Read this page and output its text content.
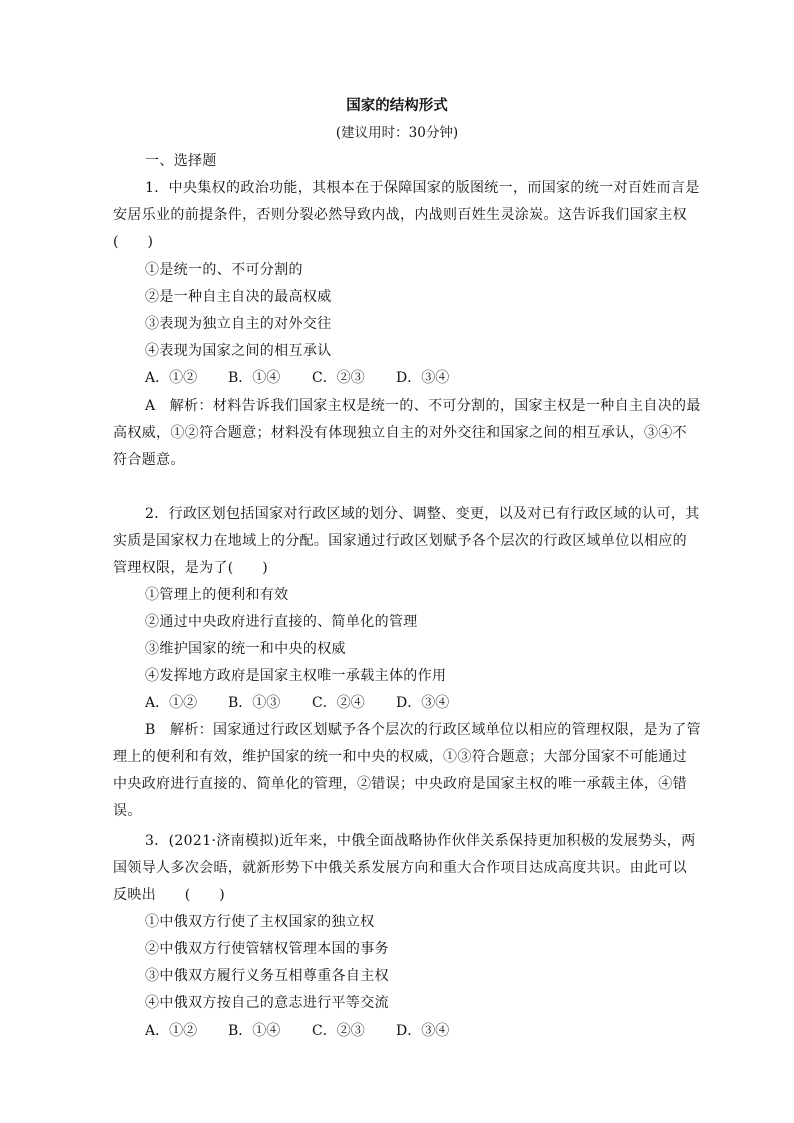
国家的结构形式
(建议用时：30分钟)
一、选择题
1．中央集权的政治功能，其根本在于保障国家的版图统一，而国家的统一对百姓而言是
安居乐业的前提条件，否则分裂必然导致内战，内战则百姓生灵涂炭。这告诉我们国家主权
(　　)
①是统一的、不可分割的
②是一种自主自决的最高权威
③表现为独立自主的对外交往
④表现为国家之间的相互承认
A．①② B．①④ C．②③ D．③④
A　解析：材料告诉我们国家主权是统一的、不可分割的，国家主权是一种自主自决的最
高权威，①②符合题意；材料没有体现独立自主的对外交往和国家之间的相互承认，③④不
符合题意。
2．行政区划包括国家对行政区域的划分、调整、变更，以及对已有行政区域的认可，其
实质是国家权力在地域上的分配。国家通过行政区划赋予各个层次的行政区域单位以相应的
管理权限，是为了(　　)
①管理上的便利和有效
②通过中央政府进行直接的、简单化的管理
③维护国家的统一和中央的权威
④发挥地方政府是国家主权唯一承载主体的作用
A．①② B．①③ C．②④ D．③④
B　解析：国家通过行政区划赋予各个层次的行政区域单位以相应的管理权限，是为了管
理上的便利和有效，维护国家的统一和中央的权威，①③符合题意；大部分国家不可能通过
中央政府进行直接的、简单化的管理，②错误；中央政府是国家主权的唯一承载主体，④错
误。
3．(2021·济南模拟)近年来，中俄全面战略协作伙伴关系保持更加积极的发展势头，两
国领导人多次会晤，就新形势下中俄关系发展方向和重大合作项目达成高度共识。由此可以
反映出　　(　　)
①中俄双方行使了主权国家的独立权
②中俄双方行使管辖权管理本国的事务
③中俄双方履行义务互相尊重各自主权
④中俄双方按自己的意志进行平等交流
A．①② B．①④ C．②③ D．③④
